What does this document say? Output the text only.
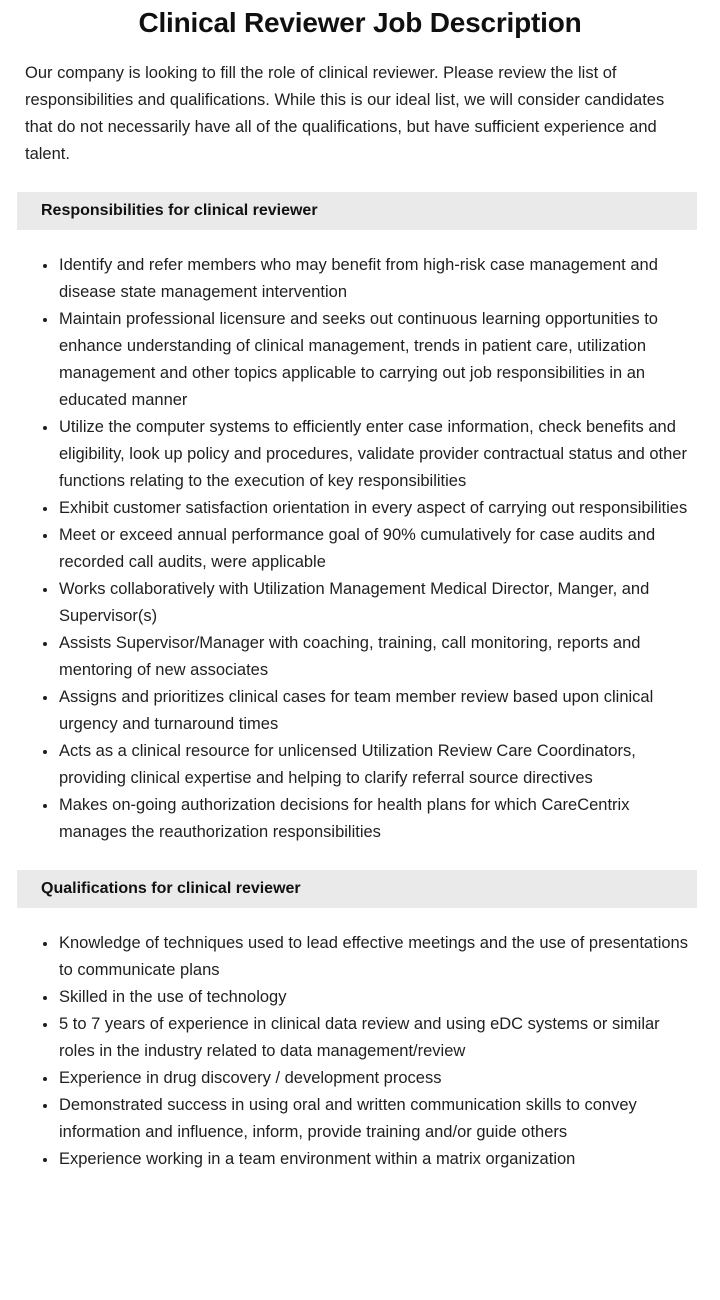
Clinical Reviewer Job Description

Our company is looking to fill the role of clinical reviewer. Please review the list of responsibilities and qualifications. While this is our ideal list, we will consider candidates that do not necessarily have all of the qualifications, but have sufficient experience and talent.

Responsibilities for clinical reviewer
Identify and refer members who may benefit from high-risk case management and disease state management intervention
Maintain professional licensure and seeks out continuous learning opportunities to enhance understanding of clinical management, trends in patient care, utilization management and other topics applicable to carrying out job responsibilities in an educated manner
Utilize the computer systems to efficiently enter case information, check benefits and eligibility, look up policy and procedures, validate provider contractual status and other functions relating to the execution of key responsibilities
Exhibit customer satisfaction orientation in every aspect of carrying out responsibilities
Meet or exceed annual performance goal of 90% cumulatively for case audits and recorded call audits, were applicable
Works collaboratively with Utilization Management Medical Director, Manger, and Supervisor(s)
Assists Supervisor/Manager with coaching, training, call monitoring, reports and mentoring of new associates
Assigns and prioritizes clinical cases for team member review based upon clinical urgency and turnaround times
Acts as a clinical resource for unlicensed Utilization Review Care Coordinators, providing clinical expertise and helping to clarify referral source directives
Makes on-going authorization decisions for health plans for which CareCentrix manages the reauthorization responsibilities
Qualifications for clinical reviewer
Knowledge of techniques used to lead effective meetings and the use of presentations to communicate plans
Skilled in the use of technology
5 to 7 years of experience in clinical data review and using eDC systems or similar roles in the industry related to data management/review
Experience in drug discovery / development process
Demonstrated success in using oral and written communication skills to convey information and influence, inform, provide training and/or guide others
Experience working in a team environment within a matrix organization
